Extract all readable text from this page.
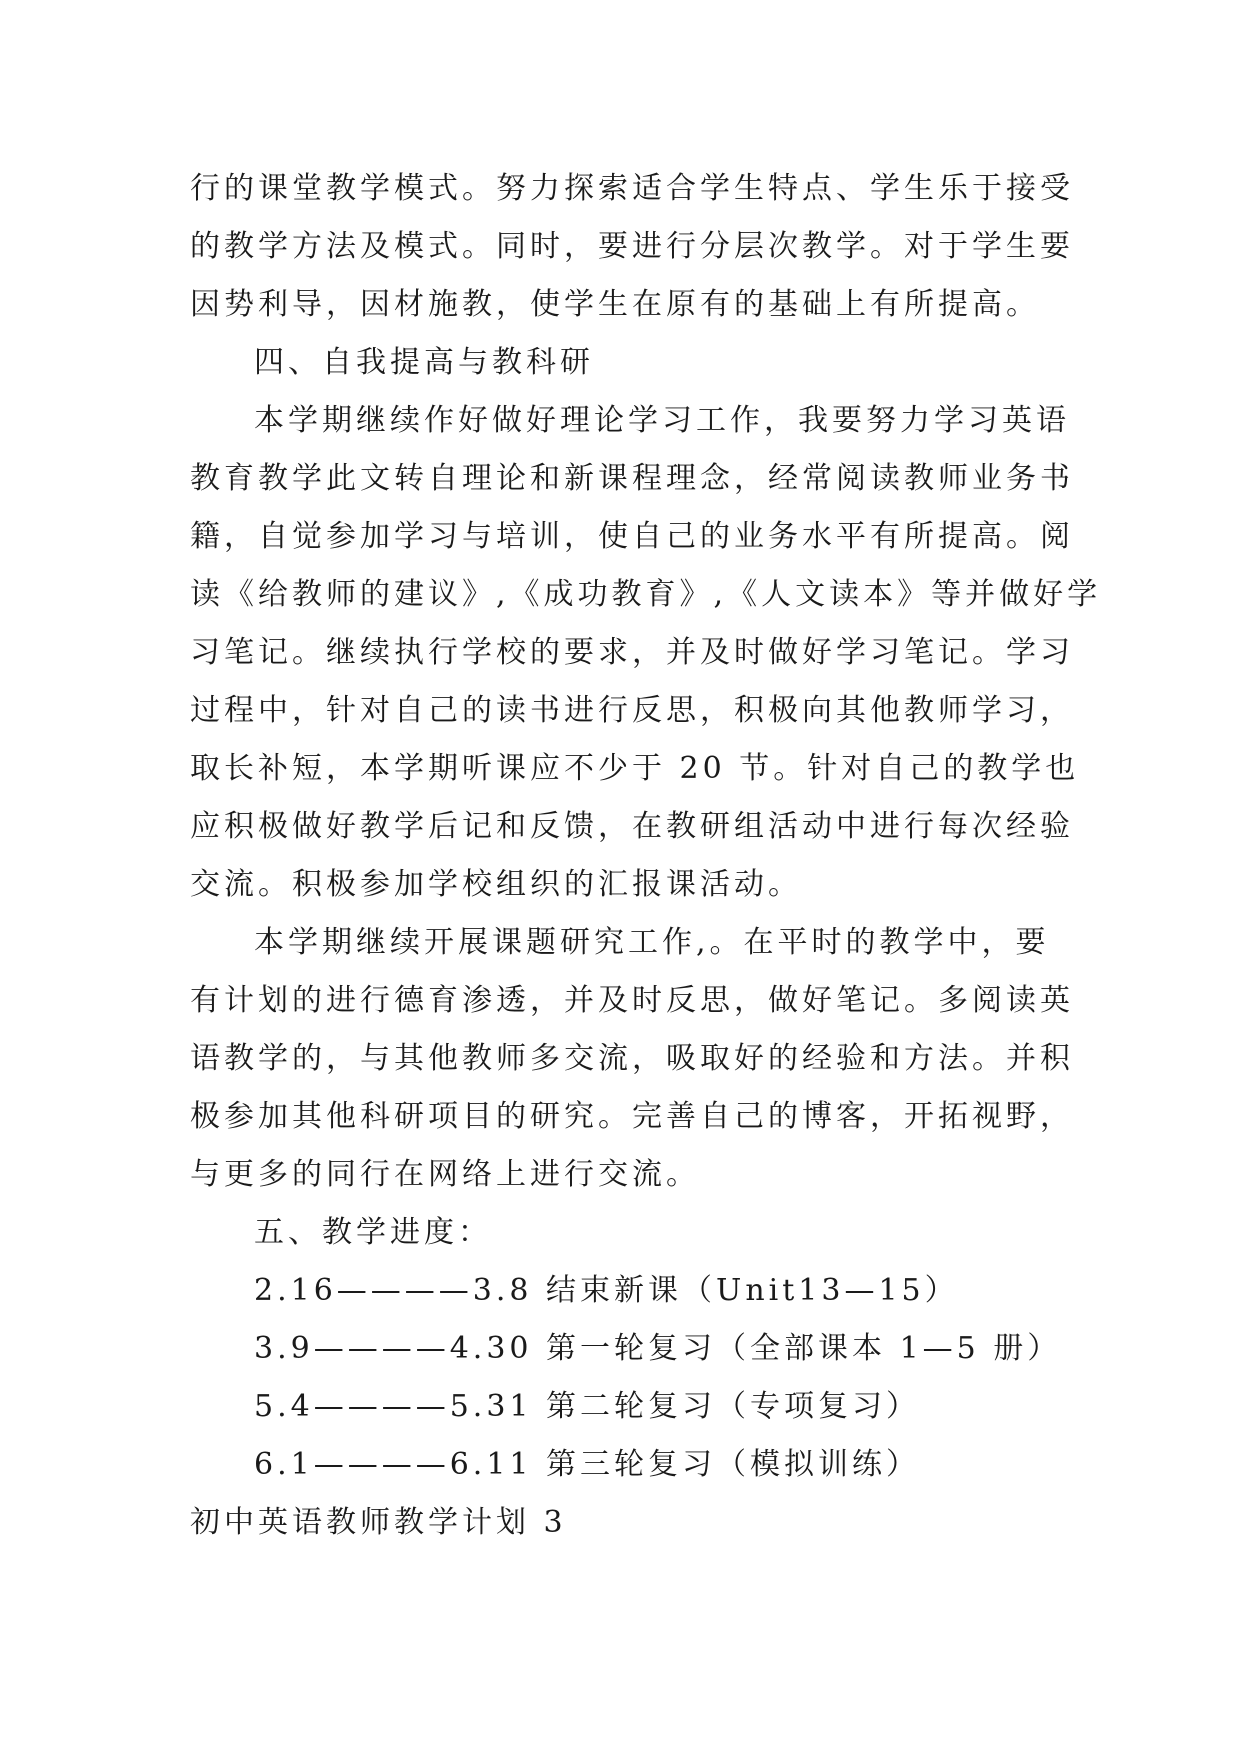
行的课堂教学模式。努力探索适合学生特点、学生乐于接受
的教学方法及模式。同时，要进行分层次教学。对于学生要
因势利导，因材施教，使学生在原有的基础上有所提高。
四、自我提高与教科研
本学期继续作好做好理论学习工作，我要努力学习英语
教育教学此文转自理论和新课程理念，经常阅读教师业务书
籍，自觉参加学习与培训，使自己的业务水平有所提高。阅
读《给教师的建议》,《成功教育》,《人文读本》等并做好学
习笔记。继续执行学校的要求，并及时做好学习笔记。学习
过程中，针对自己的读书进行反思，积极向其他教师学习，
取长补短，本学期听课应不少于 20 节。针对自己的教学也
应积极做好教学后记和反馈，在教研组活动中进行每次经验
交流。积极参加学校组织的汇报课活动。
本学期继续开展课题研究工作,。在平时的教学中，要
有计划的进行德育渗透，并及时反思，做好笔记。多阅读英
语教学的，与其他教师多交流，吸取好的经验和方法。并积
极参加其他科研项目的研究。完善自己的博客，开拓视野，
与更多的同行在网络上进行交流。
五、教学进度：
2.16————3.8 结束新课（Unit13—15）
3.9————4.30 第一轮复习（全部课本 1—5 册）
5.4————5.31 第二轮复习（专项复习）
6.1————6.11 第三轮复习（模拟训练）
初中英语教师教学计划 3
